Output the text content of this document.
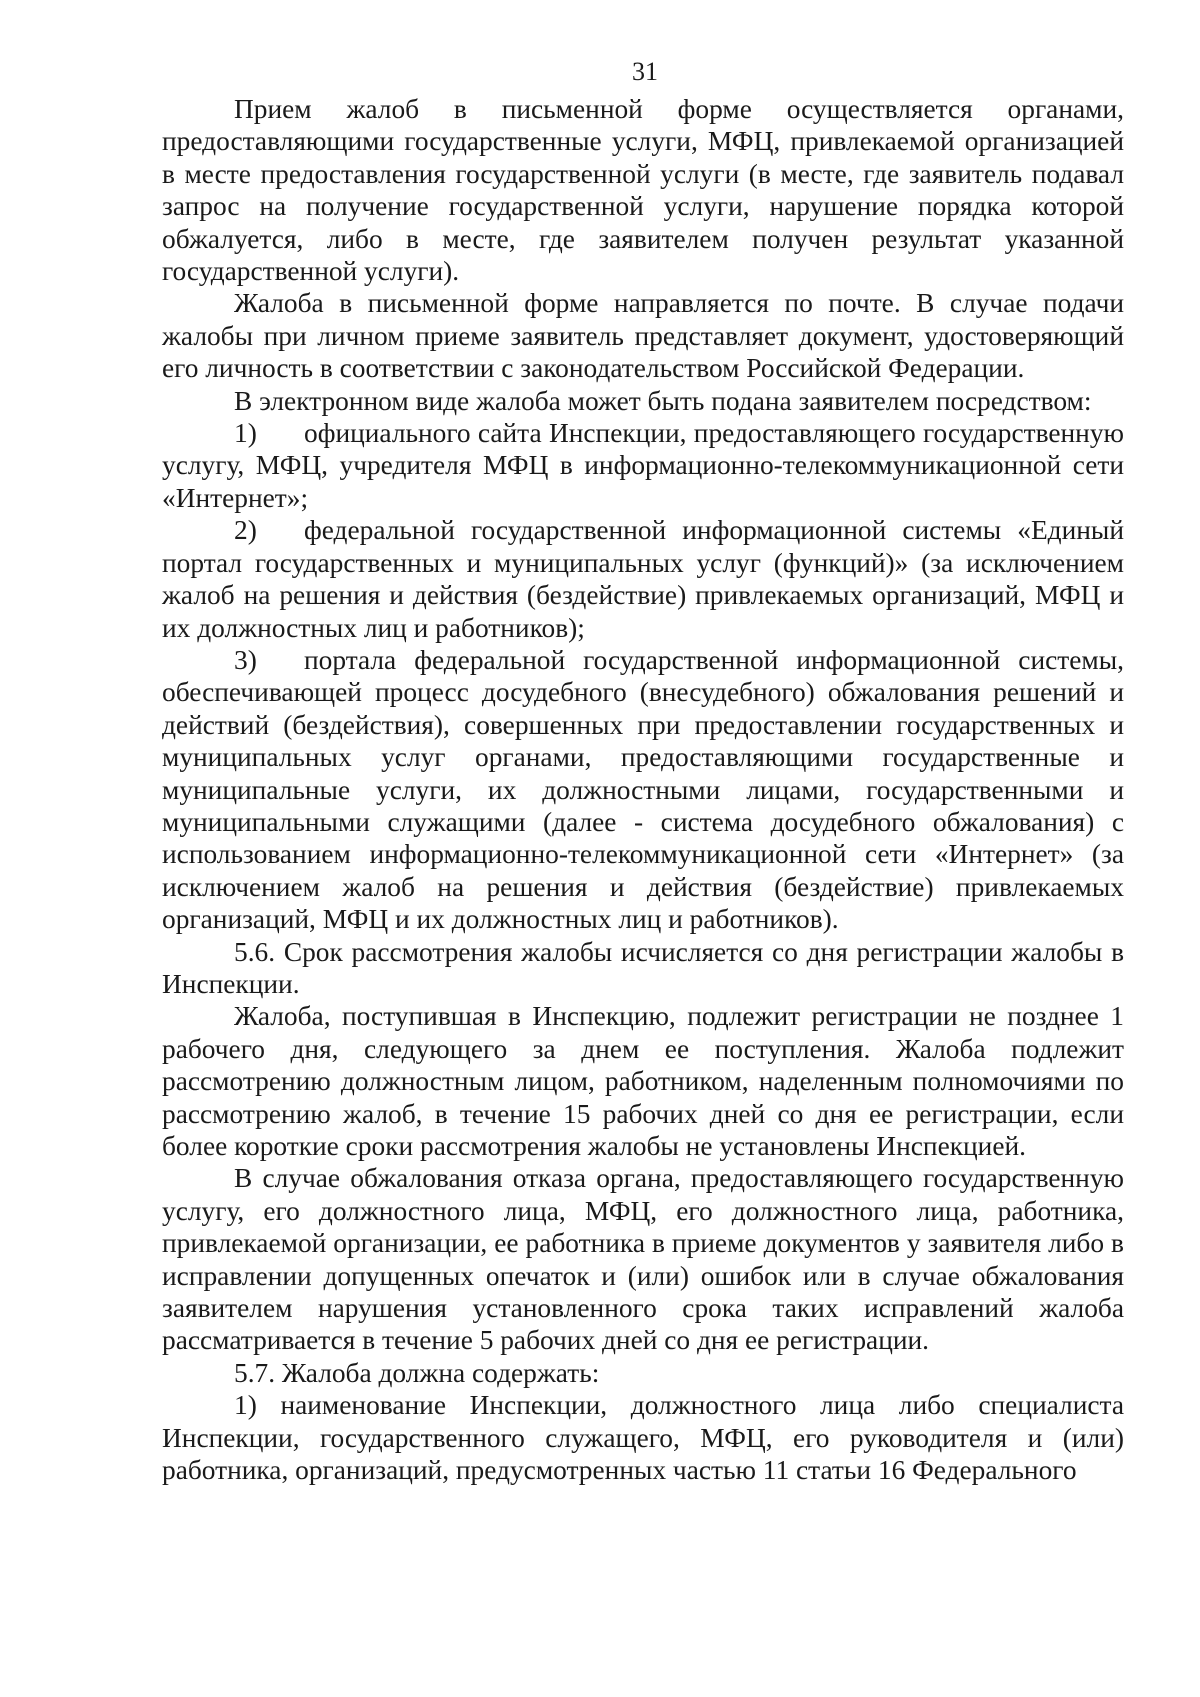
31

Прием жалоб в письменной форме осуществляется органами, предоставляющими государственные услуги, МФЦ, привлекаемой организацией в месте предоставления государственной услуги (в месте, где заявитель подавал запрос на получение государственной услуги, нарушение порядка которой обжалуется, либо в месте, где заявителем получен результат указанной государственной услуги).

Жалоба в письменной форме направляется по почте. В случае подачи жалобы при личном приеме заявитель представляет документ, удостоверяющий его личность в соответствии с законодательством Российской Федерации.

В электронном виде жалоба может быть подана заявителем посредством:

1) официального сайта Инспекции, предоставляющего государственную услугу, МФЦ, учредителя МФЦ в информационно-телекоммуникационной сети «Интернет»;

2) федеральной государственной информационной системы «Единый портал государственных и муниципальных услуг (функций)» (за исключением жалоб на решения и действия (бездействие) привлекаемых организаций, МФЦ и их должностных лиц и работников);

3) портала федеральной государственной информационной системы, обеспечивающей процесс досудебного (внесудебного) обжалования решений и действий (бездействия), совершенных при предоставлении государственных и муниципальных услуг органами, предоставляющими государственные и муниципальные услуги, их должностными лицами, государственными и муниципальными служащими (далее - система досудебного обжалования) с использованием информационно-телекоммуникационной сети «Интернет» (за исключением жалоб на решения и действия (бездействие) привлекаемых организаций, МФЦ и их должностных лиц и работников).

5.6. Срок рассмотрения жалобы исчисляется со дня регистрации жалобы в Инспекции.

Жалоба, поступившая в Инспекцию, подлежит регистрации не позднее 1 рабочего дня, следующего за днем ее поступления. Жалоба подлежит рассмотрению должностным лицом, работником, наделенным полномочиями по рассмотрению жалоб, в течение 15 рабочих дней со дня ее регистрации, если более короткие сроки рассмотрения жалобы не установлены Инспекцией.

В случае обжалования отказа органа, предоставляющего государственную услугу, его должностного лица, МФЦ, его должностного лица, работника, привлекаемой организации, ее работника в приеме документов у заявителя либо в исправлении допущенных опечаток и (или) ошибок или в случае обжалования заявителем нарушения установленного срока таких исправлений жалоба рассматривается в течение 5 рабочих дней со дня ее регистрации.

5.7. Жалоба должна содержать:

1) наименование Инспекции, должностного лица либо специалиста Инспекции, государственного служащего, МФЦ, его руководителя и (или) работника, организаций, предусмотренных частью 11 статьи 16 Федерального
